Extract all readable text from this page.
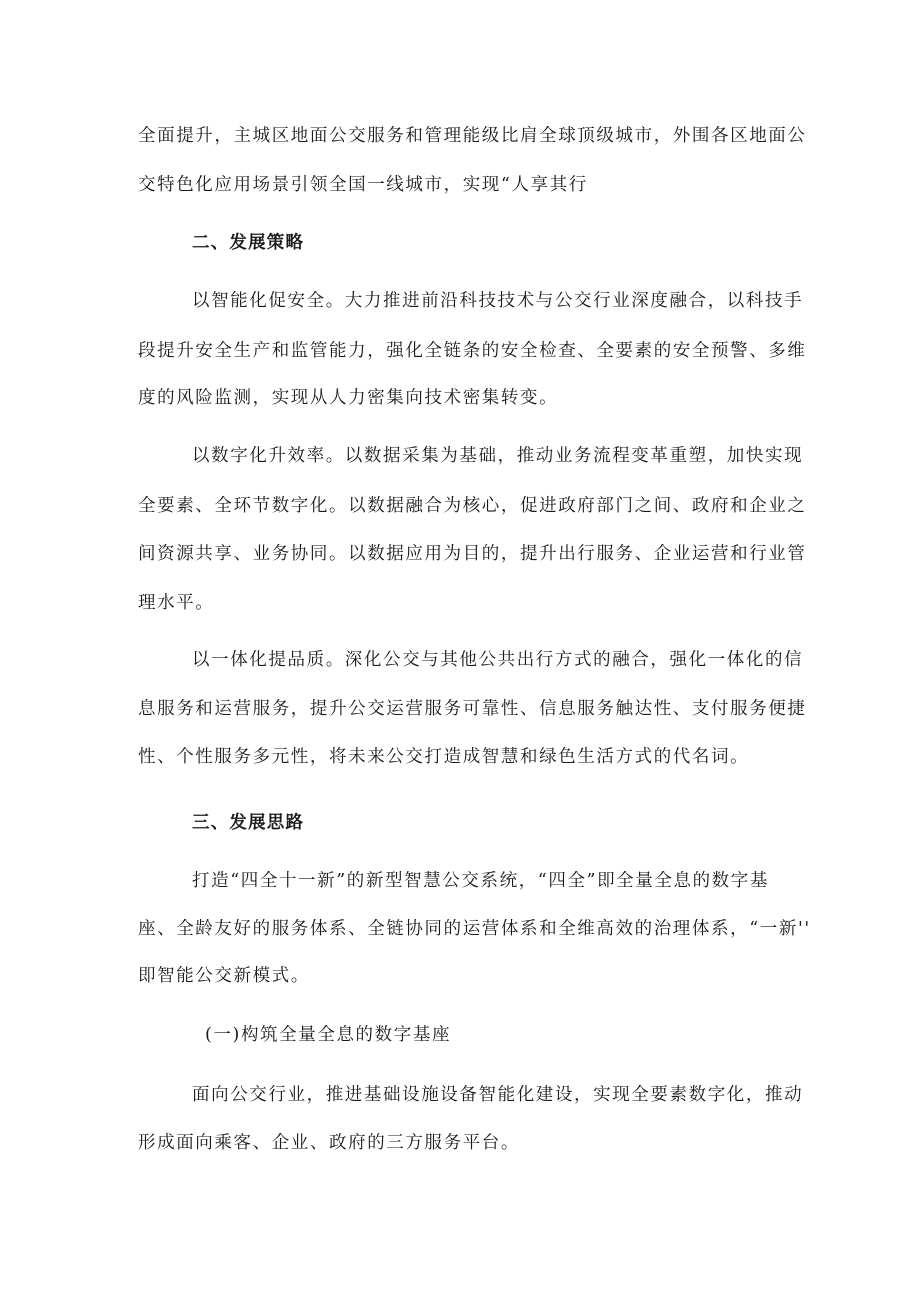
全面提升，主城区地面公交服务和管理能级比肩全球顶级城市，外围各区地面公
交特色化应用场景引领全国一线城市，实现“人享其行
二、发展策略
以智能化促安全。大力推进前沿科技技术与公交行业深度融合，以科技手
段提升安全生产和监管能力，强化全链条的安全检查、全要素的安全预警、多维
度的风险监测，实现从人力密集向技术密集转变。
以数字化升效率。以数据采集为基础，推动业务流程变革重塑，加快实现
全要素、全环节数字化。以数据融合为核心，促进政府部门之间、政府和企业之
间资源共享、业务协同。以数据应用为目的，提升出行服务、企业运营和行业管
理水平。
以一体化提品质。深化公交与其他公共出行方式的融合，强化一体化的信
息服务和运营服务，提升公交运营服务可靠性、信息服务触达性、支付服务便捷
性、个性服务多元性，将未来公交打造成智慧和绿色生活方式的代名词。
三、发展思路
打造“四全十一新”的新型智慧公交系统，“四全”即全量全息的数字基
座、全龄友好的服务体系、全链协同的运营体系和全维高效的治理体系，“一新''
即智能公交新模式。
(一)构筑全量全息的数字基座
面向公交行业，推进基础设施设备智能化建设，实现全要素数字化，推动
形成面向乘客、企业、政府的三方服务平台。
